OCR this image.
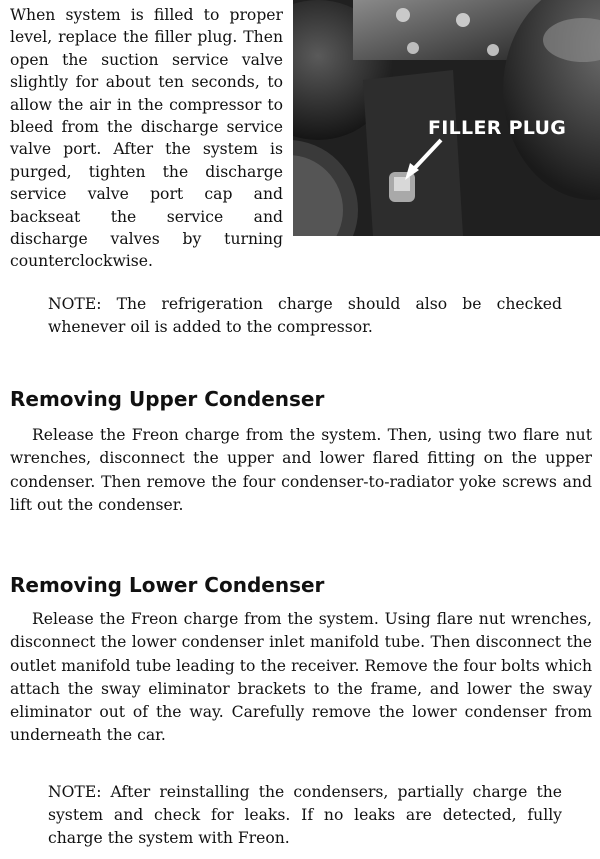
FILLER PLUG
When system is filled to proper level, replace the filler plug. Then open the suction service valve slightly for about ten seconds, to allow the air in the compressor to bleed from the discharge service valve port. After the system is purged, tighten the discharge service valve port cap and backseat the service and discharge valves by turning counterclockwise.
NOTE: The refrigeration charge should also be checked whenever oil is added to the compressor.
Removing Upper Condenser
Release the Freon charge from the system. Then, using two flare nut wrenches, disconnect the upper and lower flared fitting on the upper condenser. Then remove the four condenser-to-radiator yoke screws and lift out the condenser.
Removing Lower Condenser
Release the Freon charge from the system. Using flare nut wrenches, disconnect the lower condenser inlet manifold tube. Then disconnect the outlet manifold tube leading to the receiver. Remove the four bolts which attach the sway eliminator brackets to the frame, and lower the sway eliminator out of the way. Carefully remove the lower condenser from underneath the car.
NOTE: After reinstalling the condensers, partially charge the system and check for leaks. If no leaks are detected, fully charge the system with Freon.
